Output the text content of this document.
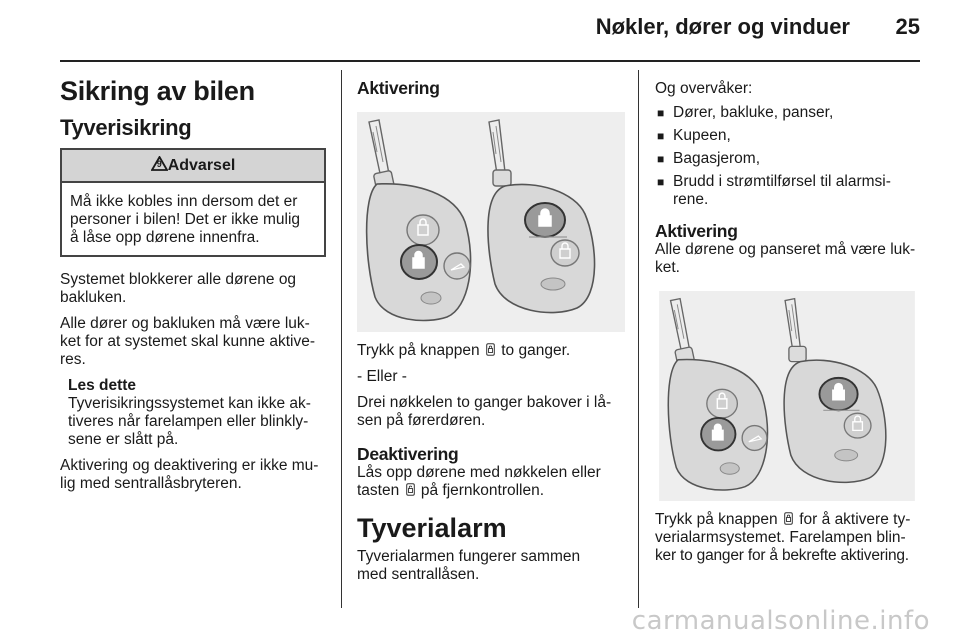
Nøkler, dører og vinduer 25
Sikring av bilen
Tyverisikring
9 Advarsel
Må ikke kobles inn dersom det er
personer i bilen! Det er ikke mulig
å låse opp dørene innenfra.

Systemet blokkerer alle dørene og
bakluken.

Alle dører og bakluken må være luk-
ket for at systemet skal kunne aktive-
res.

Les dette
Tyverisikringssystemet kan ikke ak-
tiveres når farelampen eller blinkly-
sene er slått på.

Aktivering og deaktivering er ikke mu-
lig med sentrallåsbryteren.

Aktivering

Trykk på knappen  to ganger.

- Eller -

Drei nøkkelen to ganger bakover i lå-
sen på førerdøren.

Deaktivering

Lås opp dørene med nøkkelen eller
tasten  på fjernkontrollen.

Tyverialarm

Tyverialarmen fungerer sammen
med sentrallåsen.

Og overvåker:

■ Dører, bakluke, panser,
■ Kupeen,
■ Bagasjerom,
■ Brudd i strømtilførsel til alarmsi-
rene.
Aktivering

Alle dørene og panseret må være luk-
ket.

Trykk på knappen  for å aktivere ty-
verialarmsystemet. Farelampen blin-
ker to ganger for å bekrefte aktivering.

carmanualsonline.info
